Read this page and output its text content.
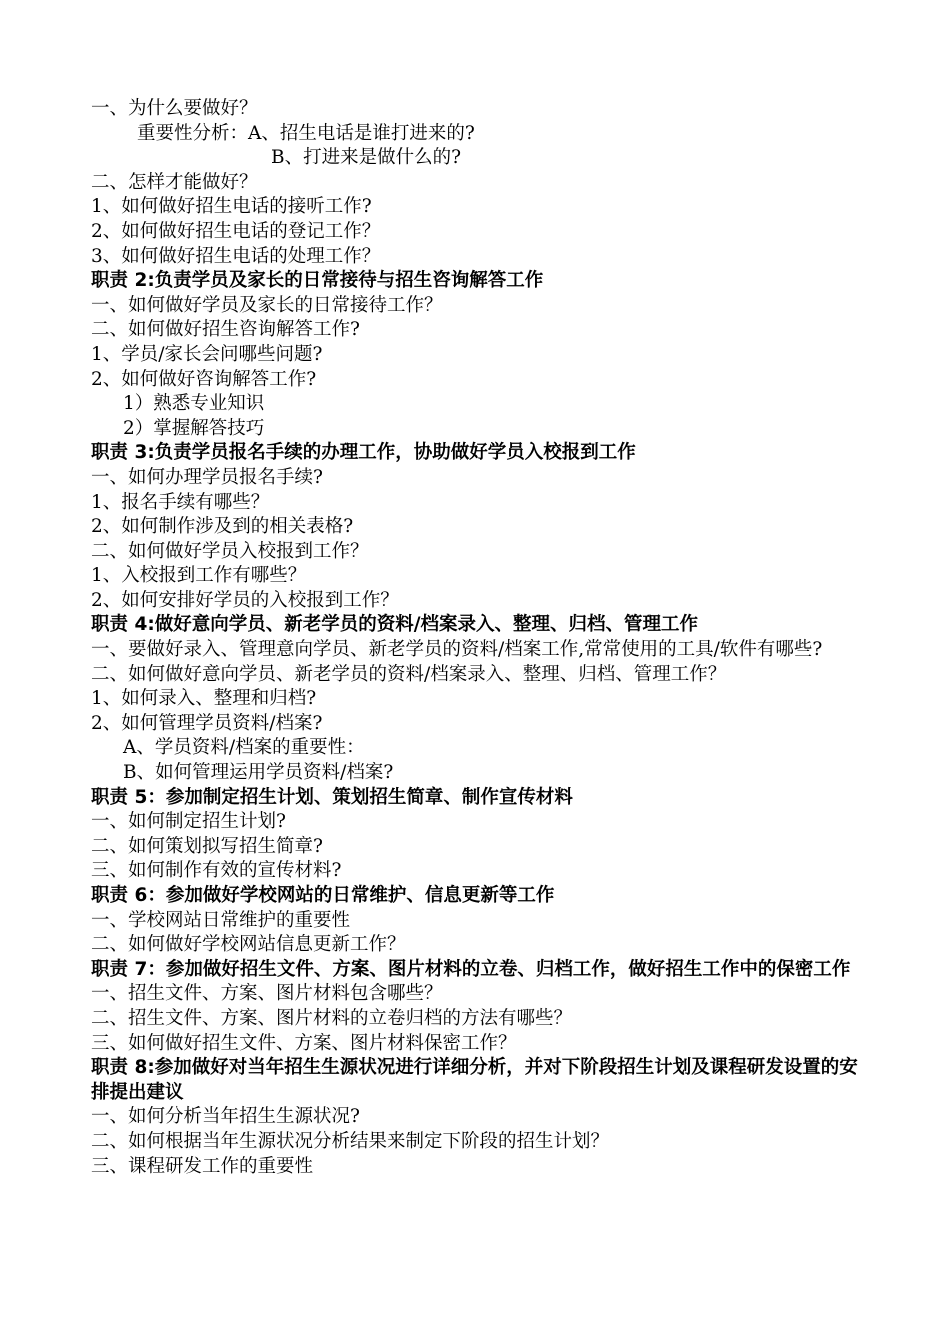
一、为什么要做好？
重要性分析：A、招生电话是谁打进来的?
B、打进来是做什么的?
二、怎样才能做好？
1、如何做好招生电话的接听工作?
2、如何做好招生电话的登记工作？
3、如何做好招生电话的处理工作？
职责 2:负责学员及家长的日常接待与招生咨询解答工作
一、如何做好学员及家长的日常接待工作？
二、如何做好招生咨询解答工作?
1、学员/家长会问哪些问题?
2、如何做好咨询解答工作?
1）熟悉专业知识
2）掌握解答技巧
职责 3:负责学员报名手续的办理工作，协助做好学员入校报到工作
一、如何办理学员报名手续?
1、报名手续有哪些？
2、如何制作涉及到的相关表格?
二、如何做好学员入校报到工作？
1、入校报到工作有哪些？
2、如何安排好学员的入校报到工作？
职责 4:做好意向学员、新老学员的资料/档案录入、整理、归档、管理工作
一、要做好录入、管理意向学员、新老学员的资料/档案工作,常常使用的工具/软件有哪些?
二、如何做好意向学员、新老学员的资料/档案录入、整理、归档、管理工作？
1、如何录入、整理和归档?
2、如何管理学员资料/档案?
A、学员资料/档案的重要性：
B、如何管理运用学员资料/档案?
职责 5：参加制定招生计划、策划招生简章、制作宣传材料
一、如何制定招生计划?
二、如何策划拟写招生简章?
三、如何制作有效的宣传材料?
职责 6：参加做好学校网站的日常维护、信息更新等工作
一、学校网站日常维护的重要性
二、如何做好学校网站信息更新工作？
职责 7：参加做好招生文件、方案、图片材料的立卷、归档工作，做好招生工作中的保密工作
一、招生文件、方案、图片材料包含哪些？
二、招生文件、方案、图片材料的立卷归档的方法有哪些？
三、如何做好招生文件、方案、图片材料保密工作？
职责 8:参加做好对当年招生生源状况进行详细分析，并对下阶段招生计划及课程研发设置的安排提出建议
一、如何分析当年招生生源状况?
二、如何根据当年生源状况分析结果来制定下阶段的招生计划？
三、课程研发工作的重要性
